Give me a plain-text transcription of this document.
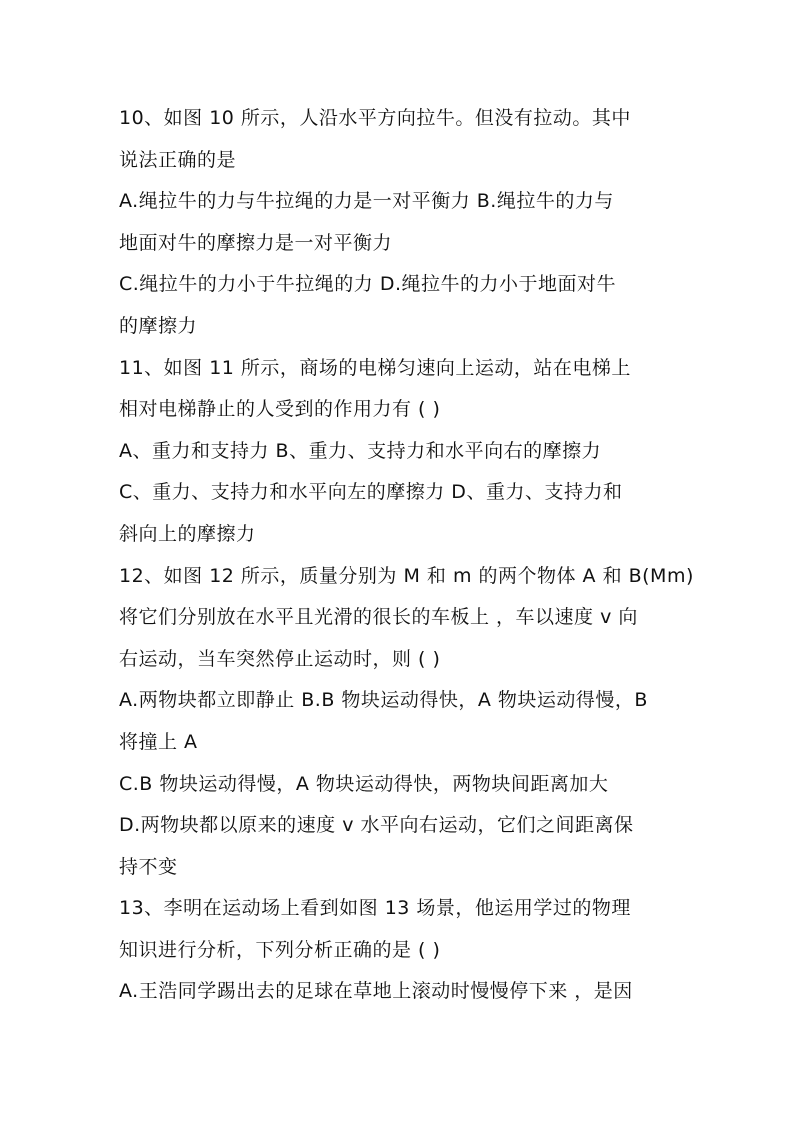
10、如图 10 所示，人沿水平方向拉牛。但没有拉动。其中
说法正确的是
A.绳拉牛的力与牛拉绳的力是一对平衡力 B.绳拉牛的力与
地面对牛的摩擦力是一对平衡力
C.绳拉牛的力小于牛拉绳的力 D.绳拉牛的力小于地面对牛
的摩擦力
11、如图 11 所示，商场的电梯匀速向上运动，站在电梯上
相对电梯静止的人受到的作用力有 ( )
A、重力和支持力 B、重力、支持力和水平向右的摩擦力
C、重力、支持力和水平向左的摩擦力 D、重力、支持力和
斜向上的摩擦力
12、如图 12 所示，质量分别为 M 和 m 的两个物体 A 和 B(Mm)
将它们分别放在水平且光滑的很长的车板上 ，车以速度 v 向
右运动，当车突然停止运动时，则 ( )
A.两物块都立即静止 B.B 物块运动得快，A 物块运动得慢，B
将撞上 A
C.B 物块运动得慢，A 物块运动得快，两物块间距离加大
D.两物块都以原来的速度 v 水平向右运动，它们之间距离保
持不变
13、李明在运动场上看到如图 13 场景，他运用学过的物理
知识进行分析，下列分析正确的是 ( )
A.王浩同学踢出去的足球在草地上滚动时慢慢停下来 ，是因
